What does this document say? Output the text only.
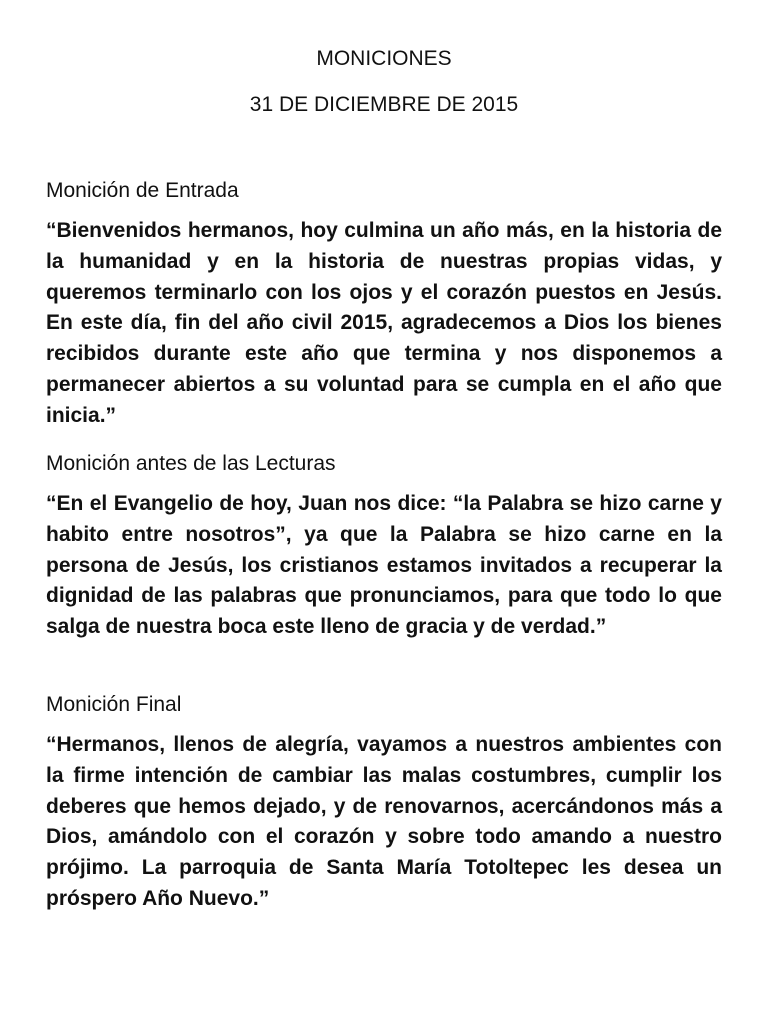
MONICIONES
31 DE DICIEMBRE DE 2015
Monición de Entrada

“Bienvenidos hermanos, hoy culmina un año más, en la historia de la humanidad y en la historia de nuestras propias vidas, y queremos terminarlo con los ojos y el corazón puestos en Jesús. En este día, fin del año civil 2015, agradecemos a Dios los bienes recibidos durante este año que termina y nos disponemos a permanecer abiertos a su voluntad para se cumpla en el año que inicia.”

Monición antes de las Lecturas

“En el Evangelio de hoy, Juan nos dice: “la Palabra se hizo carne y habito entre nosotros”, ya que la Palabra se hizo carne en la persona de Jesús, los cristianos estamos invitados a recuperar la dignidad de las palabras que pronunciamos, para que todo lo que salga de nuestra boca este lleno de gracia y de verdad.”

Monición Final

“Hermanos, llenos de alegría, vayamos a nuestros ambientes con la firme intención de cambiar las malas costumbres, cumplir los deberes que hemos dejado, y de renovarnos, acercándonos más a Dios, amándolo con el corazón y sobre todo amando a nuestro prójimo. La parroquia de Santa María Totoltepec les desea un próspero Año Nuevo.”
